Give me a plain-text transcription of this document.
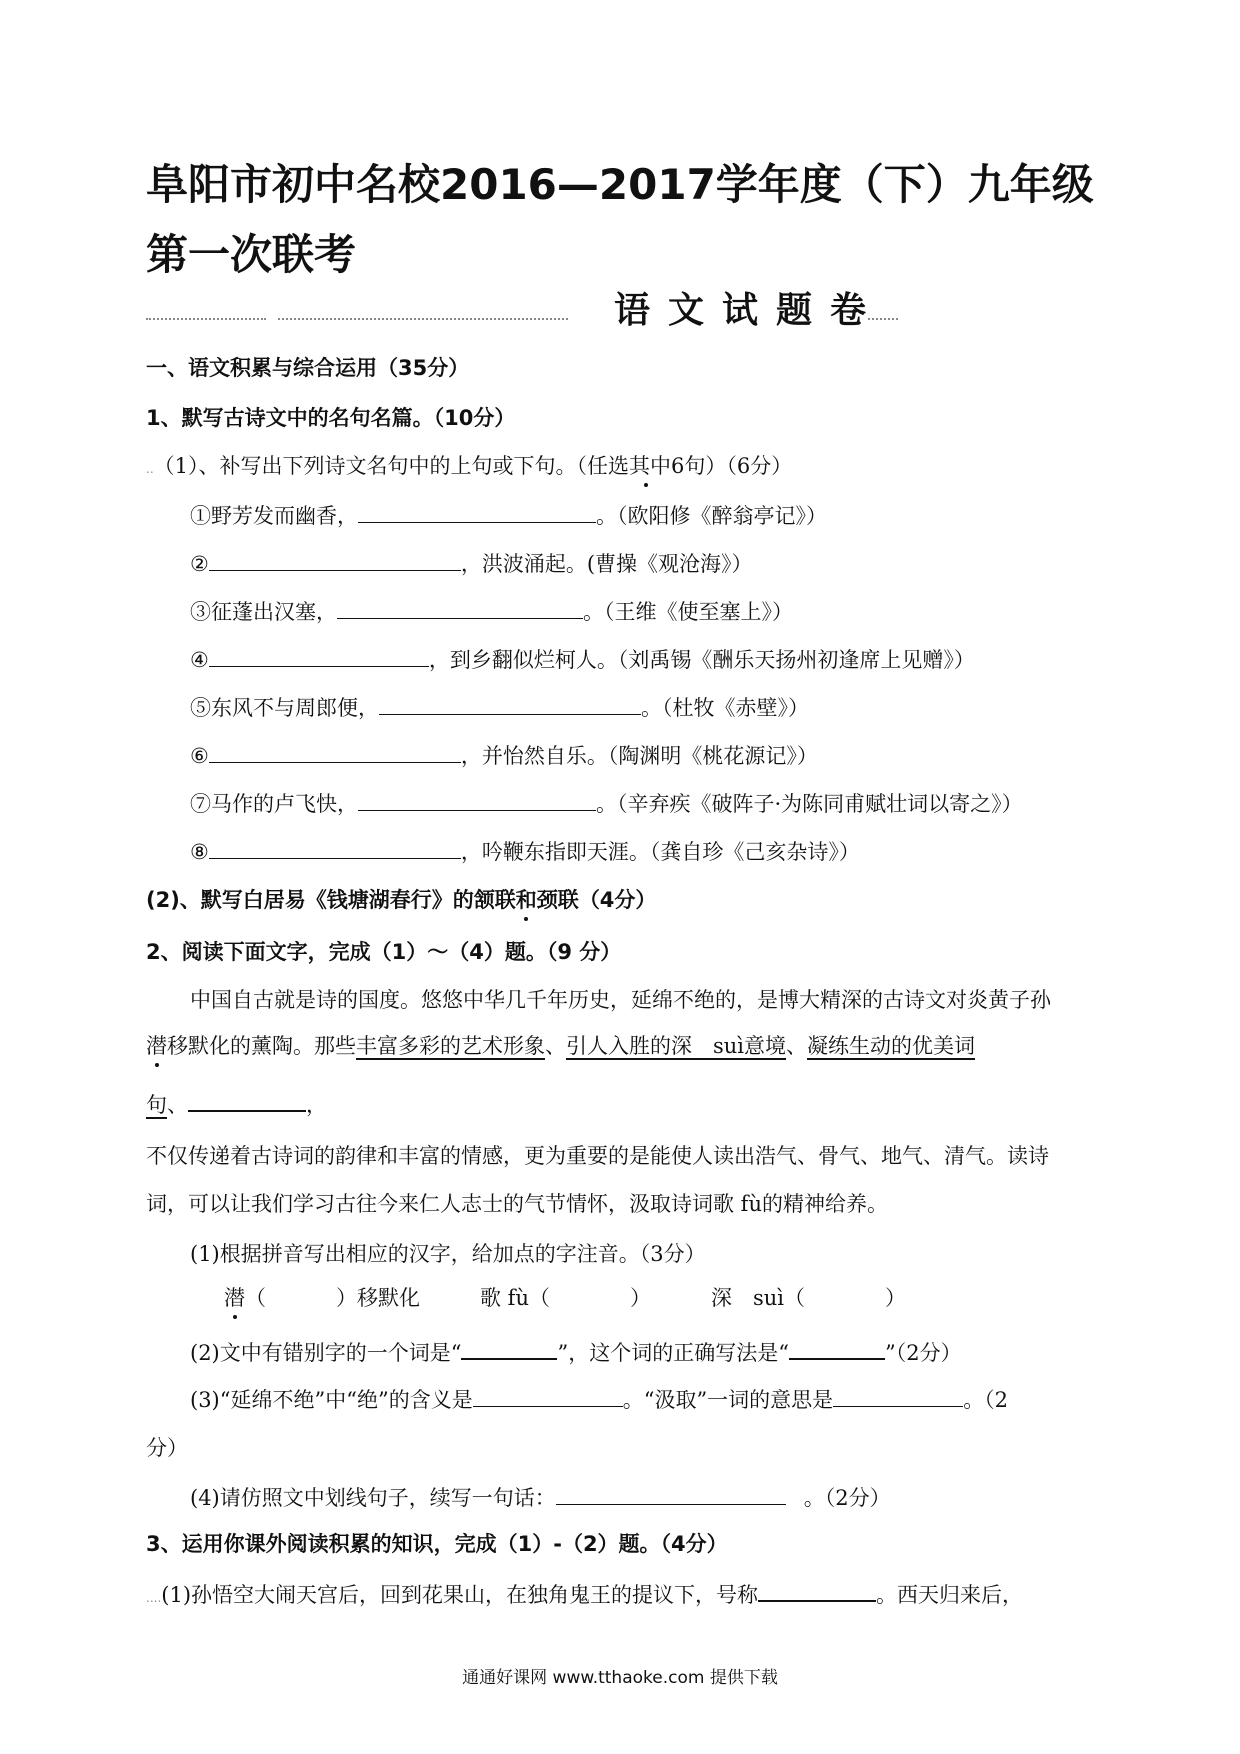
阜阳市初中名校2016—2017学年度（下）九年级第一次联考
语文试题卷
一、语文积累与综合运用（35分）
1、默写古诗文中的名句名篇。（10分）
..（1）、补写出下列诗文名句中的上句或下句。（任选其中6句）（6分）
①野芳发而幽香，	。（欧阳修《醉翁亭记》）
②	，洪波涌起。(曹操《观沧海》）
③征蓬出汉塞，	。（王维《使至塞上》）
④	，到乡翻似烂柯人。（刘禹锡《酬乐天扬州初逢席上见赠》）
⑤东风不与周郎便，	。（杜牧《赤壁》）
⑥	，并怡然自乐。（陶渊明《桃花源记》）
⑦马作的卢飞快，	。（辛弃疾《破阵子·为陈同甫赋壮词以寄之》）
⑧	，吟鞭东指即天涯。（龚自珍《己亥杂诗》）
(2)、默写白居易《钱塘湖春行》的颔联和颈联（4分）
2、阅读下面文字，完成（1）～（4）题。（9 分）
中国自古就是诗的国度。悠悠中华几千年历史，延绵不绝的，是博大精深的古诗文对炎黄子孙
潜移默化的薰陶。那些丰富多彩的艺术形象、引人入胜的深　suì意境、凝练生动的优美词
句、	，
不仅传递着古诗词的韵律和丰富的情感，更为重要的是能使人读出浩气、骨气、地气、清气。读诗
词，可以让我们学习古往今来仁人志士的气节情怀，汲取诗词歌 fù的精神给养。
(1)根据拼音写出相应的汉字，给加点的字注音。（3分）
潜（	）移默化	歌 fù（	）	深　suì（	）
(2)文中有错别字的一个词是“	”，这个词的正确写法是“	”（2分）
(3)“延绵不绝”中“绝”的含义是	。“汲取”一词的意思是	。（2
分）
(4)请仿照文中划线句子，续写一句话：	。（2分）
3、运用你课外阅读积累的知识，完成（1）-（2）题。（4分）
....(1)孙悟空大闹天宫后，回到花果山，在独角鬼王的提议下，号称	。西天归来后，
通通好课网 www.tthaoke.com 提供下载
